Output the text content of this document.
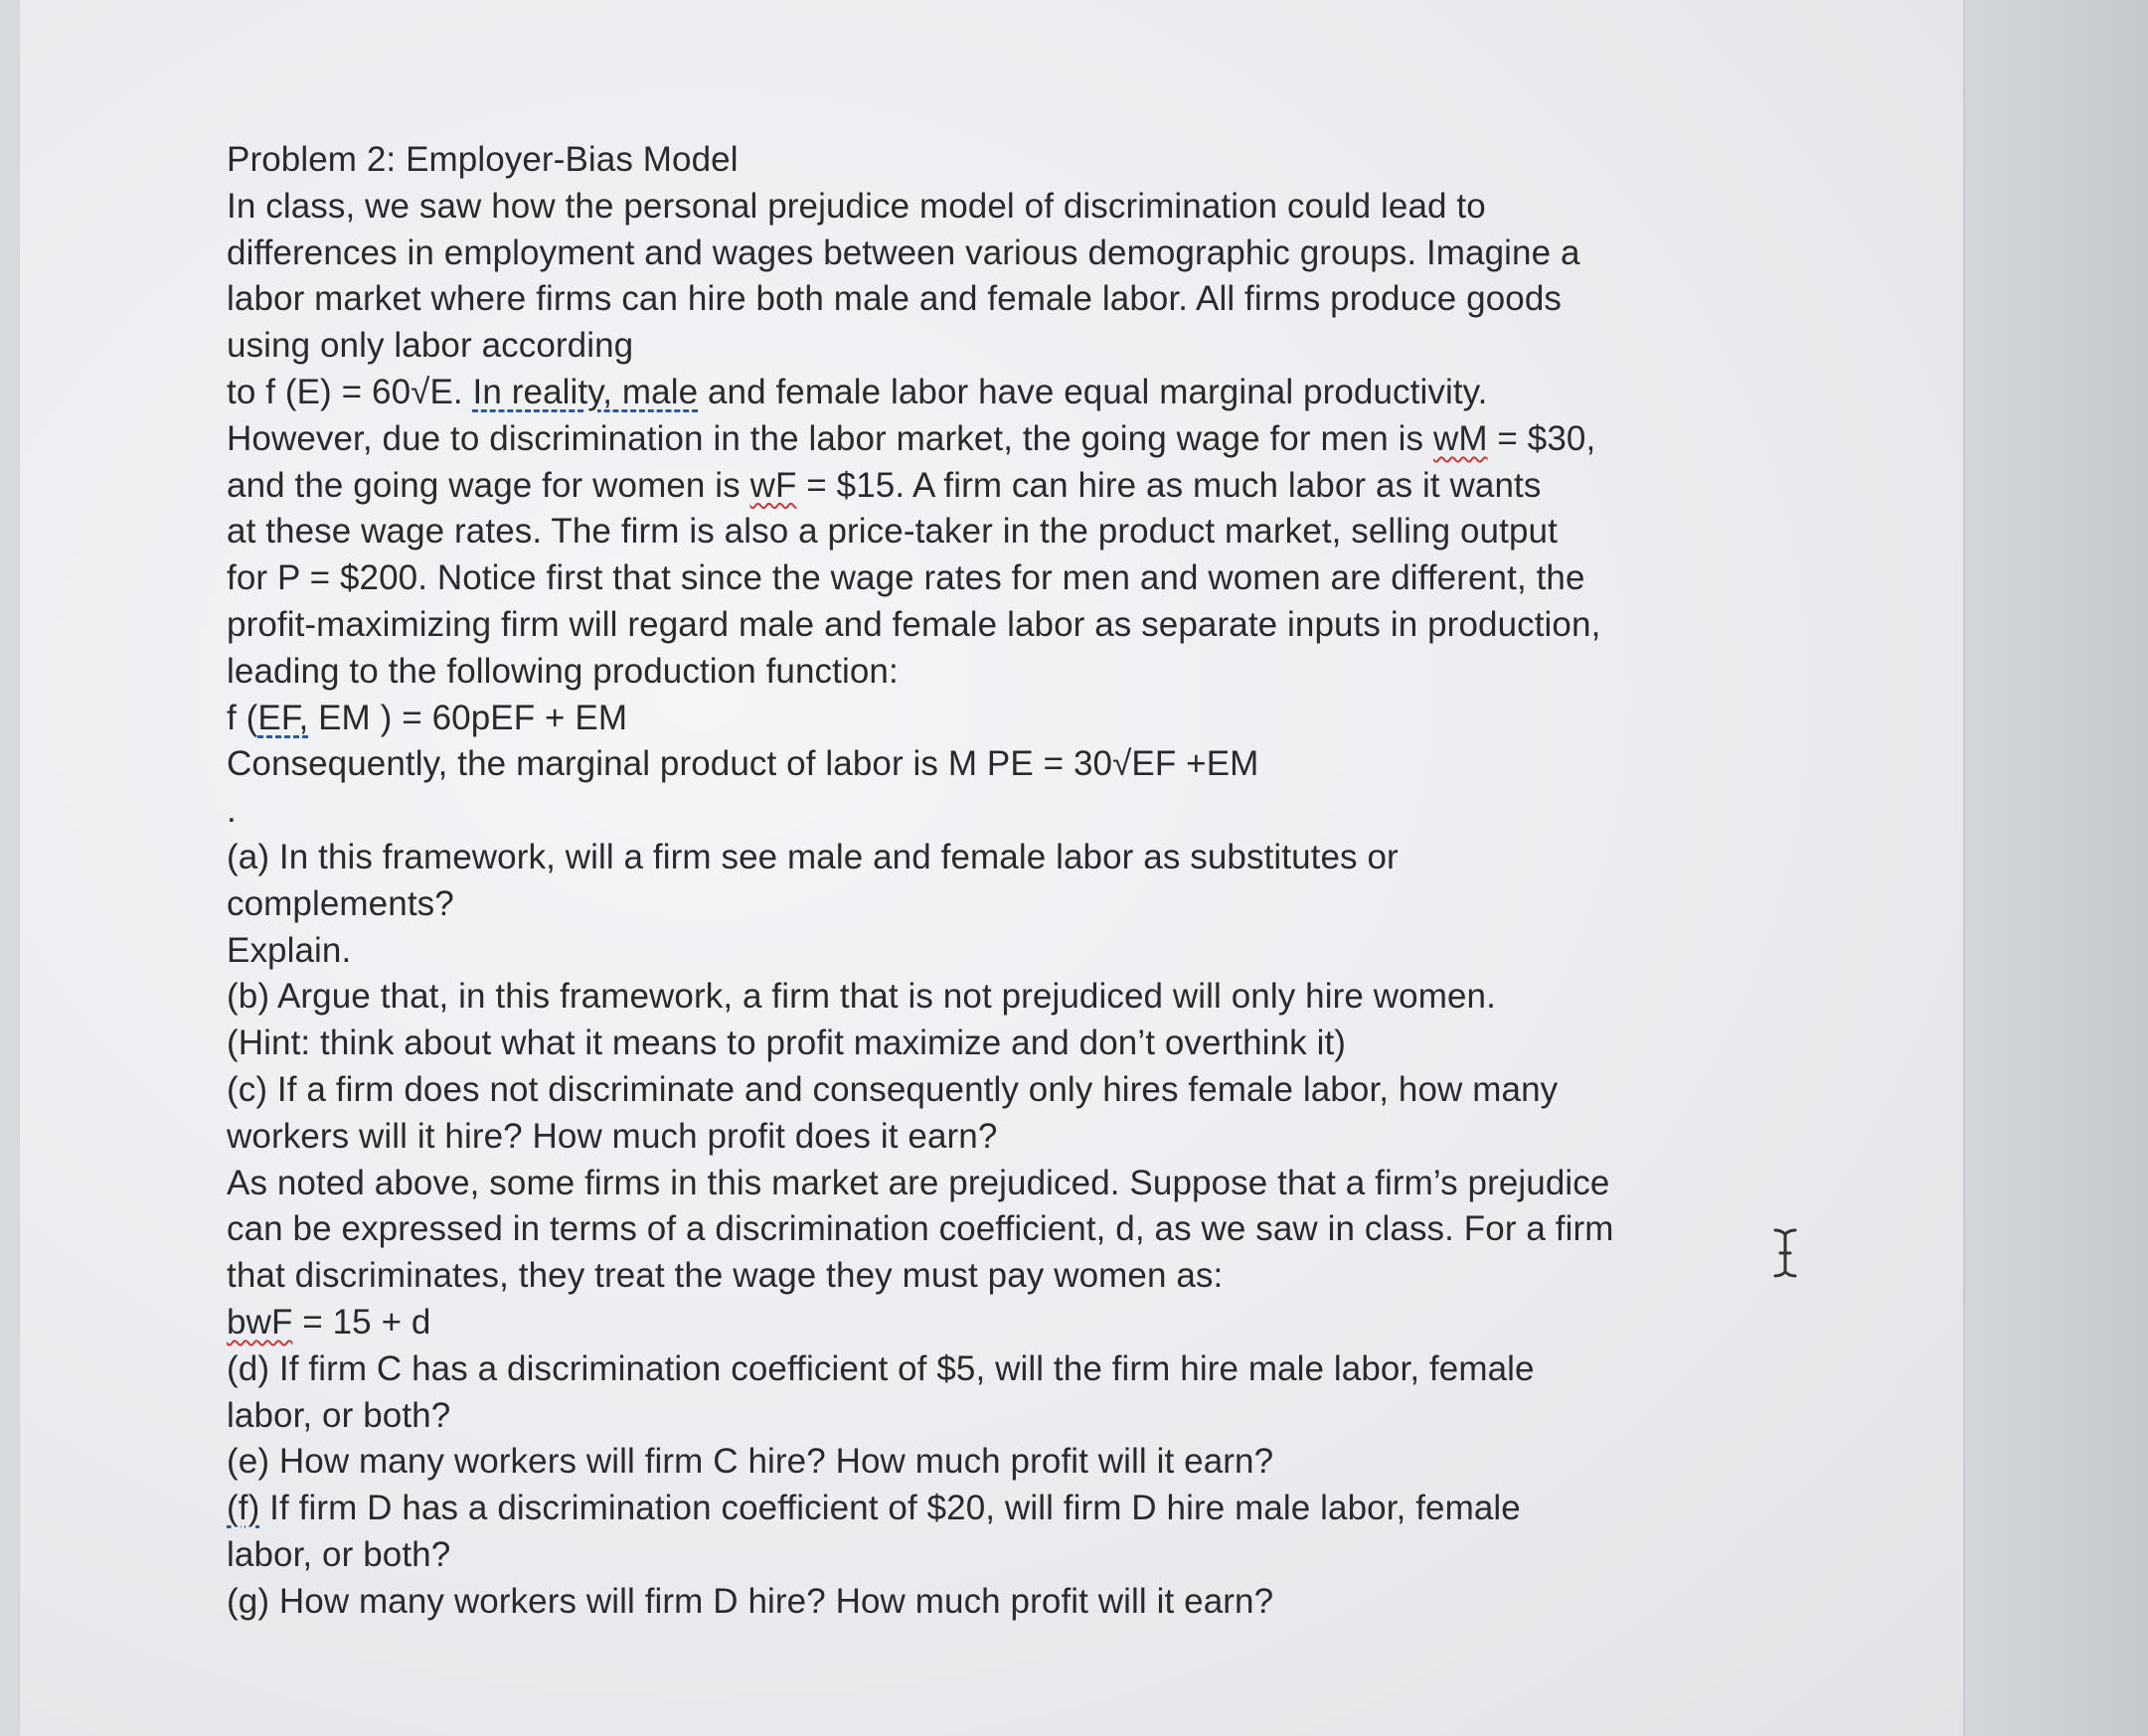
Problem 2: Employer-Bias Model
In class, we saw how the personal prejudice model of discrimination could lead to
differences in employment and wages between various demographic groups. Imagine a
labor market where firms can hire both male and female labor. All firms produce goods
using only labor according
to f (E) = 60√E. In reality, male and female labor have equal marginal productivity.
However, due to discrimination in the labor market, the going wage for men is wM = $30,
and the going wage for women is wF = $15. A firm can hire as much labor as it wants
at these wage rates. The firm is also a price-taker in the product market, selling output
for P = $200. Notice first that since the wage rates for men and women are different, the
profit-maximizing firm will regard male and female labor as separate inputs in production,
leading to the following production function:
f (EF, EM ) = 60pEF + EM
Consequently, the marginal product of labor is M PE = 30√EF +EM
.
(a) In this framework, will a firm see male and female labor as substitutes or
complements?
Explain.
(b) Argue that, in this framework, a firm that is not prejudiced will only hire women.
(Hint: think about what it means to profit maximize and don’t overthink it)
(c) If a firm does not discriminate and consequently only hires female labor, how many
workers will it hire? How much profit does it earn?
As noted above, some firms in this market are prejudiced. Suppose that a firm’s prejudice
can be expressed in terms of a discrimination coefficient, d, as we saw in class. For a firm
that discriminates, they treat the wage they must pay women as:
bwF = 15 + d
(d) If firm C has a discrimination coefficient of $5, will the firm hire male labor, female
labor, or both?
(e) How many workers will firm C hire? How much profit will it earn?
(f) If firm D has a discrimination coefficient of $20, will firm D hire male labor, female
labor, or both?
(g) How many workers will firm D hire? How much profit will it earn?
